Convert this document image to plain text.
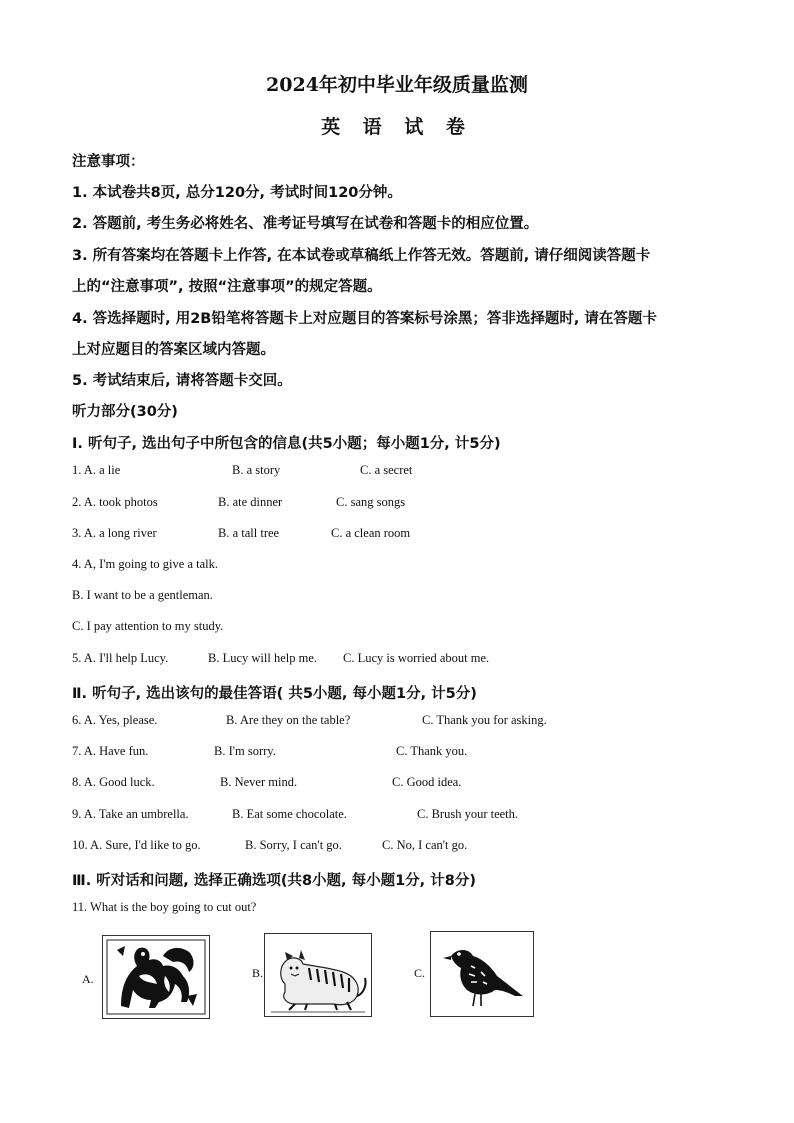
2024年初中毕业年级质量监测
英 语 试 卷
注意事项：
1. 本试卷共8页, 总分120分, 考试时间120分钟。
2. 答题前, 考生务必将姓名、准考证号填写在试卷和答题卡的相应位置。
3. 所有答案均在答题卡上作答, 在本试卷或草稿纸上作答无效。答题前, 请仔细阅读答题卡
上的“注意事项”, 按照“注意事项”的规定答题。
4. 答选择题时, 用2B铅笔将答题卡上对应题目的答案标号涂黑；答非选择题时, 请在答题卡
上对应题目的答案区域内答题。
5. 考试结束后, 请将答题卡交回。
听力部分(30分)
I. 听句子, 选出句子中所包含的信息(共5小题；每小题1分, 计5分)
1. A. a lie	B. a story	C. a secret
2. A. took photos	B. ate dinner	C. sang songs
3. A. a long river	B. a tall tree	C. a clean room
4. A, I'm going to give a talk.
B. I want to be a gentleman.
C. I pay attention to my study.
5. A. I'll help Lucy.	B. Lucy will help me. C. Lucy is worried about me.
Ⅱ. 听句子, 选出该句的最佳答语( 共5小题, 每小题1分, 计5分)
6. A. Yes, please.	B. Are they on the table?	C. Thank you for asking.
7. A. Have fun.	B. I'm sorry.	C. Thank you.
8. A. Good luck.	B. Never mind.	C. Good idea.
9. A. Take an umbrella.	B. Eat some chocolate.	C. Brush your teeth.
10. A. Sure, I'd like to go.	B. Sorry, I can't go.	C. No, I can't go.
Ⅲ. 听对话和问题, 选择正确选项(共8小题, 每小题1分, 计8分)
11. What is the boy going to cut out?
A.	B.	C.
